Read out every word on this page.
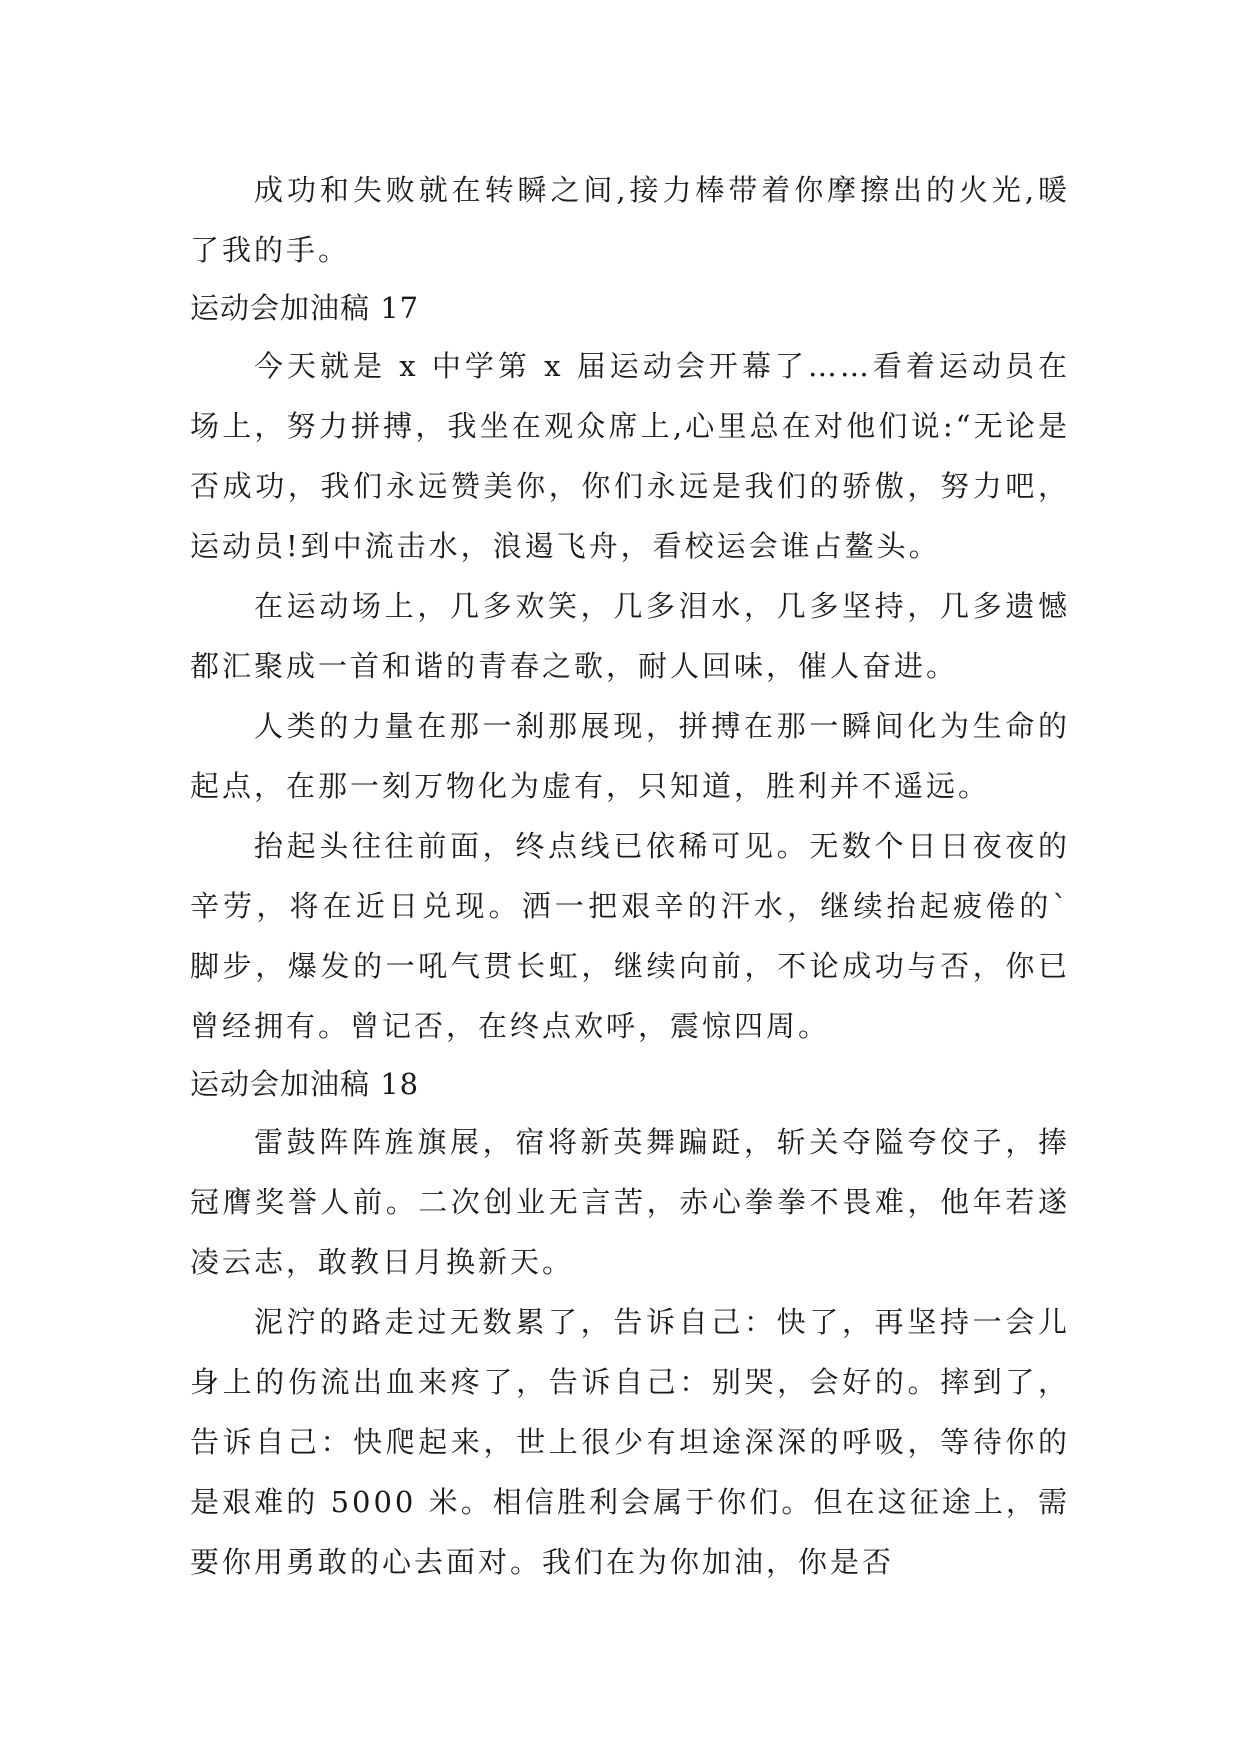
成功和失败就在转瞬之间,接力棒带着你摩擦出的火光,暖了我的手。

运动会加油稿 17

今天就是 x 中学第 x 届运动会开幕了……看着运动员在场上，努力拼搏，我坐在观众席上,心里总在对他们说:“无论是否成功，我们永远赞美你，你们永远是我们的骄傲，努力吧，运动员!到中流击水，浪遏飞舟，看校运会谁占鳌头。

在运动场上，几多欢笑，几多泪水，几多坚持，几多遗憾都汇聚成一首和谐的青春之歌，耐人回味，催人奋进。

人类的力量在那一刹那展现，拼搏在那一瞬间化为生命的起点，在那一刻万物化为虚有，只知道，胜利并不遥远。

抬起头往往前面，终点线已依稀可见。无数个日日夜夜的辛劳，将在近日兑现。洒一把艰辛的汗水，继续抬起疲倦的`脚步，爆发的一吼气贯长虹，继续向前，不论成功与否，你已曾经拥有。曾记否，在终点欢呼，震惊四周。

运动会加油稿 18

雷鼓阵阵旌旗展，宿将新英舞蹁跹，斩关夺隘夸佼子，捧冠膺奖誉人前。二次创业无言苦，赤心拳拳不畏难，他年若遂凌云志，敢教日月换新天。

泥泞的路走过无数累了，告诉自己：快了，再坚持一会儿身上的伤流出血来疼了，告诉自己：别哭，会好的。摔到了，告诉自己：快爬起来，世上很少有坦途深深的呼吸，等待你的是艰难的 5000 米。相信胜利会属于你们。但在这征途上，需要你用勇敢的心去面对。我们在为你加油，你是否
